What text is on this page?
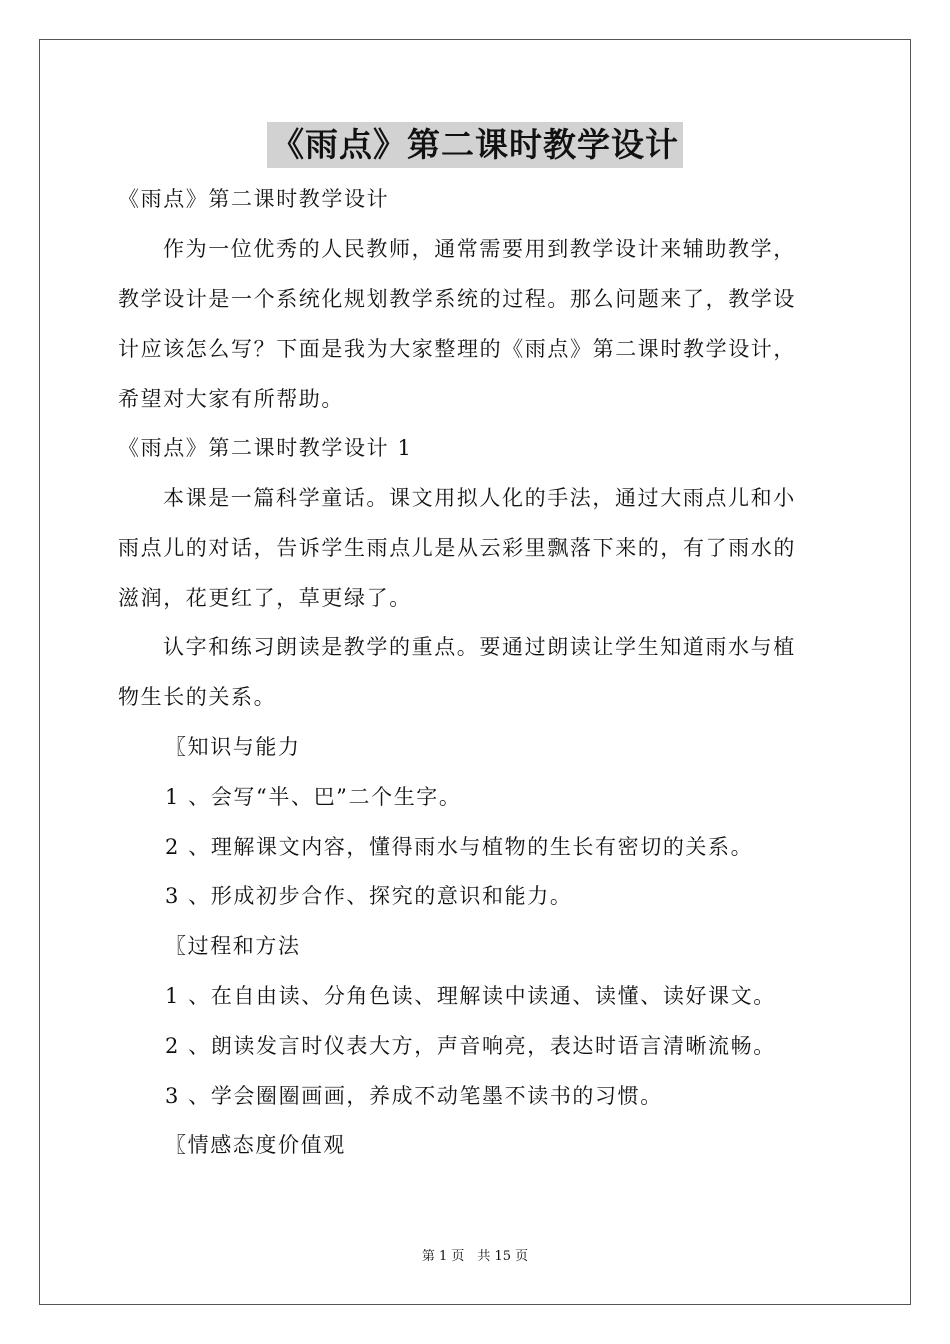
《雨点》第二课时教学设计
《雨点》第二课时教学设计
作为一位优秀的人民教师，通常需要用到教学设计来辅助教学，
教学设计是一个系统化规划教学系统的过程。那么问题来了，教学设
计应该怎么写？下面是我为大家整理的《雨点》第二课时教学设计，
希望对大家有所帮助。
《雨点》第二课时教学设计 1
本课是一篇科学童话。课文用拟人化的手法，通过大雨点儿和小
雨点儿的对话，告诉学生雨点儿是从云彩里飘落下来的，有了雨水的
滋润，花更红了，草更绿了。
认字和练习朗读是教学的重点。要通过朗读让学生知道雨水与植
物生长的关系。
〖知识与能力
1 、会写“半、巴”二个生字。
2 、理解课文内容，懂得雨水与植物的生长有密切的关系。
3 、形成初步合作、探究的意识和能力。
〖过程和方法
1 、在自由读、分角色读、理解读中读通、读懂、读好课文。
2 、朗读发言时仪表大方，声音响亮，表达时语言清晰流畅。
3 、学会圈圈画画，养成不动笔墨不读书的习惯。
〖情感态度价值观
第 1 页　共 15 页
